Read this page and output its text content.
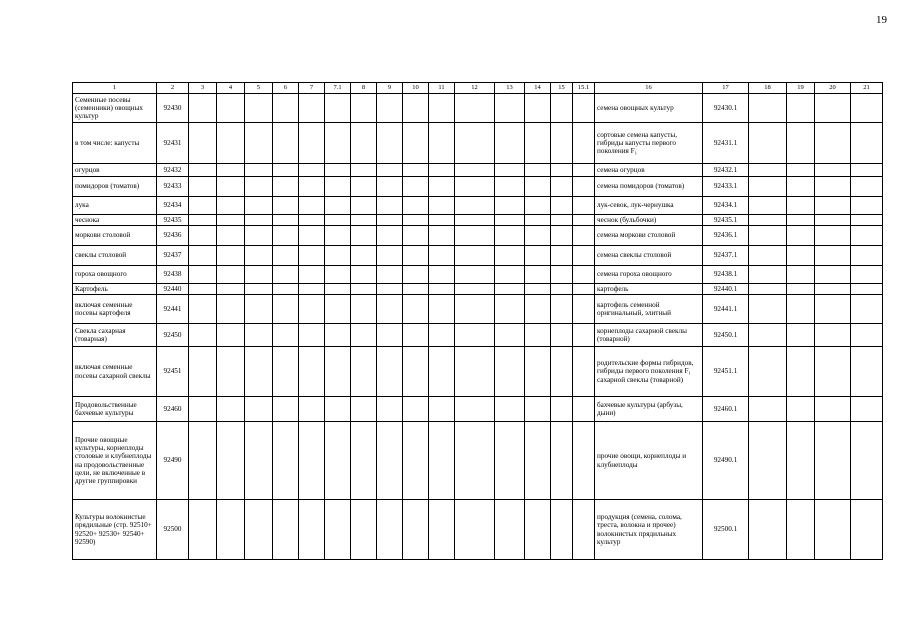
19
1	2	3	4	5	6	7	7.1	8	9	10	11	12	13	14	15	15.1	16	17	18	19	20	21
Семенные посевы (семенники) овощных культур	92430																семена овощных культур	92430.1				
в том числе: капусты	92431																сортовые семена капусты, гибриды капусты первого поколения F₁	92431.1				
огурцов	92432																семена огурцов	92432.1				
помидоров (томатов)	92433																семена помидоров (томатов)	92433.1				
лука	92434																лук-севок, лук-чернушка	92434.1				
чеснока	92435																чеснок (бульбочки)	92435.1				
моркови столовой	92436																семена моркови столовой	92436.1				
свеклы столовой	92437																семена свеклы столовой	92437.1				
гороха овощного	92438																семена гороха овощного	92438.1				
Картофель	92440																картофель	92440.1				
включая семенные посевы картофеля	92441																картофель семенной оригинальный, элитный	92441.1				
Свекла сахарная (товарная)	92450																корнеплоды сахарной свеклы (товарной)	92450.1				
включая семенные посевы сахарной свеклы	92451																родительские формы гибридов, гибриды первого поколения F₁ сахарной свеклы (товарной)	92451.1				
Продовольственные бахчевые культуры	92460																бахчевые культуры (арбузы, дыни)	92460.1				
Прочие овощные культуры, корнеплоды столовые и клубнеплоды на продовольственные цели, не включенные в другие группировки	92490																прочие овощи, корнеплоды и клубнеплоды	92490.1				
Культуры волокнистые прядильные (стр. 92510+ 92520+ 92530+ 92540+ 92590)	92500																продукция (семена, солома, треста, волокна и прочее) волокнистых прядильных культур	92500.1				
